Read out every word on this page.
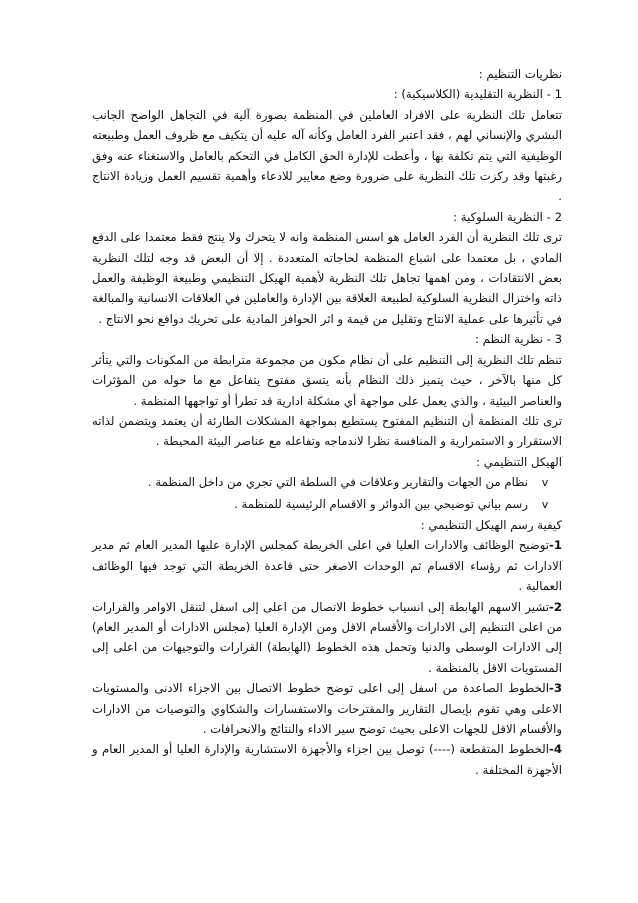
نظريات التنظيم :

1 - النظرية التقليدية (الكلاسيكية) :

تتعامل تلك النظرية على الافراد العاملين في المنظمة بصورة آلية في التجاهل الواضح الجانب البشري والإنساني لهم ، فقد اعتبر الفرد العامل وكأنه آله عليه أن يتكيف مع ظروف العمل وطبيعته الوظيفية التي يتم تكلفة بها ، وأعطت للإدارة الحق الكامل في التحكم بالعامل والاستغناء عنه وفق رغبتها وقد ركزت تلك النظرية على ضرورة وضع معايير للادعاء وأهمية تقسيم العمل وزيادة الانتاج .

2 - النظرية السلوكية :

ترى تلك النظرية أن الفرد العامل هو اسس المنظمة وانه لا يتحرك ولا ينتج فقط معتمدا على الدفع المادي ، بل معتمدا على اشباع المنظمة لحاجاته المتعددة . إلا أن البعض قد وجه لتلك النظرية بعض الانتقادات ، ومن اهمها تجاهل تلك النظرية لأهمية الهيكل التنظيمي وطبيعة الوظيفة والعمل ذاته واختزال النظرية السلوكية لطبيعة العلاقة بين الإدارة والعاملين في العلاقات الانسانية والمبالغة في تأثيرها على عملية الانتاج وتقليل من قيمة و اثر الحوافز المادية على تحريك دوافع نحو الانتاج .

3 - نظرية النظم :

تنظم تلك النظرية إلى التنظيم على أن نظام مكون من مجموعة مترابطة من المكونات والتي يتأثر كل منها بالآخر ، حيث يتميز ذلك النظام بأنه يتسق مفتوح يتفاعل مع ما حوله من المؤثرات والعناصر البيئية ، والذي يعمل على مواجهة أي مشكلة ادارية قد تطرأ أو تواجهها المنظمة .

ترى تلك المنظمة أن التنظيم المفتوح يستطيع بمواجهة المشكلات الطارئة أن يعتمد ويتضمن لذاته الاستقرار و الاستمرارية و المنافسة نظرا لاندماجه وتفاعله مع عناصر البيئة المحيطة .

الهيكل التنظيمي :

v
نظام من الجهات والتقارير وعلاقات في السلطة التي تجري من داخل المنظمة .
v
رسم بياني توضيحي بين الدوائر و الاقسام الرئيسية للمنظمة .

كيفية رسم الهيكل التنظيمي :

1-توضيح الوظائف والادارات العليا في اعلى الخريطة كمجلس الإدارة عليها المدير العام ثم مدير الادارات ثم رؤساء الاقسام ثم الوحدات الاصغر حتى قاعدة الخريطة التي توجد فيها الوظائف العمالية .

2-تشير الاسهم الهابطة إلى انسياب خطوط الاتصال من اعلى إلى اسفل لتنقل الاوامر والقرارات من اعلى التنظيم إلى الادارات والأقسام الاقل ومن الإدارة العليا (مجلس الادارات أو المدير العام) إلى الادارات الوسطى والدنيا وتحمل هذه الخطوط (الهابطة) القرارات والتوجيهات من اعلى إلى المستويات الاقل بالمنظمة .

3-الخطوط الصاعدة من اسفل إلى اعلى توضح خطوط الاتصال بين الاجزاء الادنى والمستويات الاعلى وهي تقوم بإيصال التقارير والمقترحات والاستفسارات والشكاوي والتوصيات من الادارات والأقسام الاقل للجهات الاعلى بحيث توضح سير الاداء والنتائج والانحرافات .

4-الخطوط المتقطعة (----) توصل بين اجزاء والأجهزة الاستشارية والإدارة العليا أو المدير العام و الأجهزة المختلفة .
